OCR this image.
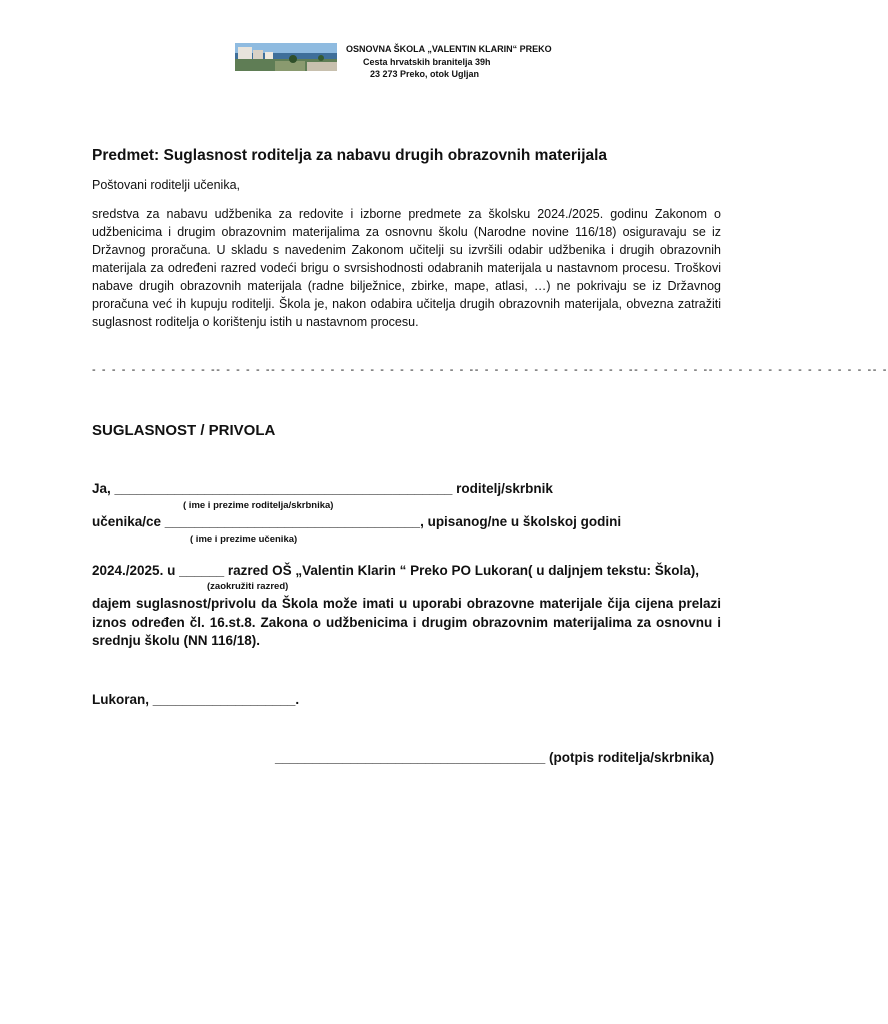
OSNOVNA ŠKOLA „VALENTIN KLARIN“ PREKO
Cesta hrvatskih branitelja 39h
23 273 Preko, otok Ugljan
Predmet: Suglasnost roditelja za nabavu drugih obrazovnih materijala
Poštovani roditelji učenika,
sredstva za nabavu udžbenika za redovite i izborne predmete za školsku 2024./2025. godinu Zakonom o udžbenicima i drugim obrazovnim materijalima za osnovnu školu (Narodne novine 116/18) osiguravaju se iz Državnog proračuna. U skladu s navedenim Zakonom učitelji su izvršili odabir udžbenika i drugih obrazovnih materijala za određeni razred vodeći brigu o svrsishodnosti odabranih materijala u nastavnom procesu. Troškovi nabave drugih obrazovnih materijala (radne bilježnice, zbirke, mape, atlasi, …) ne pokrivaju se iz Državnog proračuna već ih kupuju roditelji. Škola je, nakon odabira učitelja drugih obrazovnih materijala, obvezna zatražiti suglasnost roditelja o korištenju istih u nastavnom procesu.
- - - - - - - - - - - - -- - - - - -- - - - - - - - - - - - - - - - - - - - -- - - - - - - - - - - -- - - - -- - - - - - - -- - - - - - - - - - - - - - - - -- -
SUGLASNOST / PRIVOLA
Ja, _____________________________________________ roditelj/skrbnik
( ime i prezime roditelja/skrbnika)
učenika/ce __________________________________, upisanog/ne u školskoj godini
( ime i prezime učenika)
2024./2025. u ______ razred OŠ „Valentin Klarin “ Preko PO Lukoran( u daljnjem tekstu: Škola),
(zaokružiti razred)
dajem suglasnost/privolu da Škola može imati u uporabi obrazovne materijale čija cijena prelazi iznos određen čl. 16.st.8. Zakona o udžbenicima i drugim obrazovnim materijalima za osnovnu i srednju školu (NN 116/18).
Lukoran, ___________________.
____________________________________ (potpis roditelja/skrbnika)
